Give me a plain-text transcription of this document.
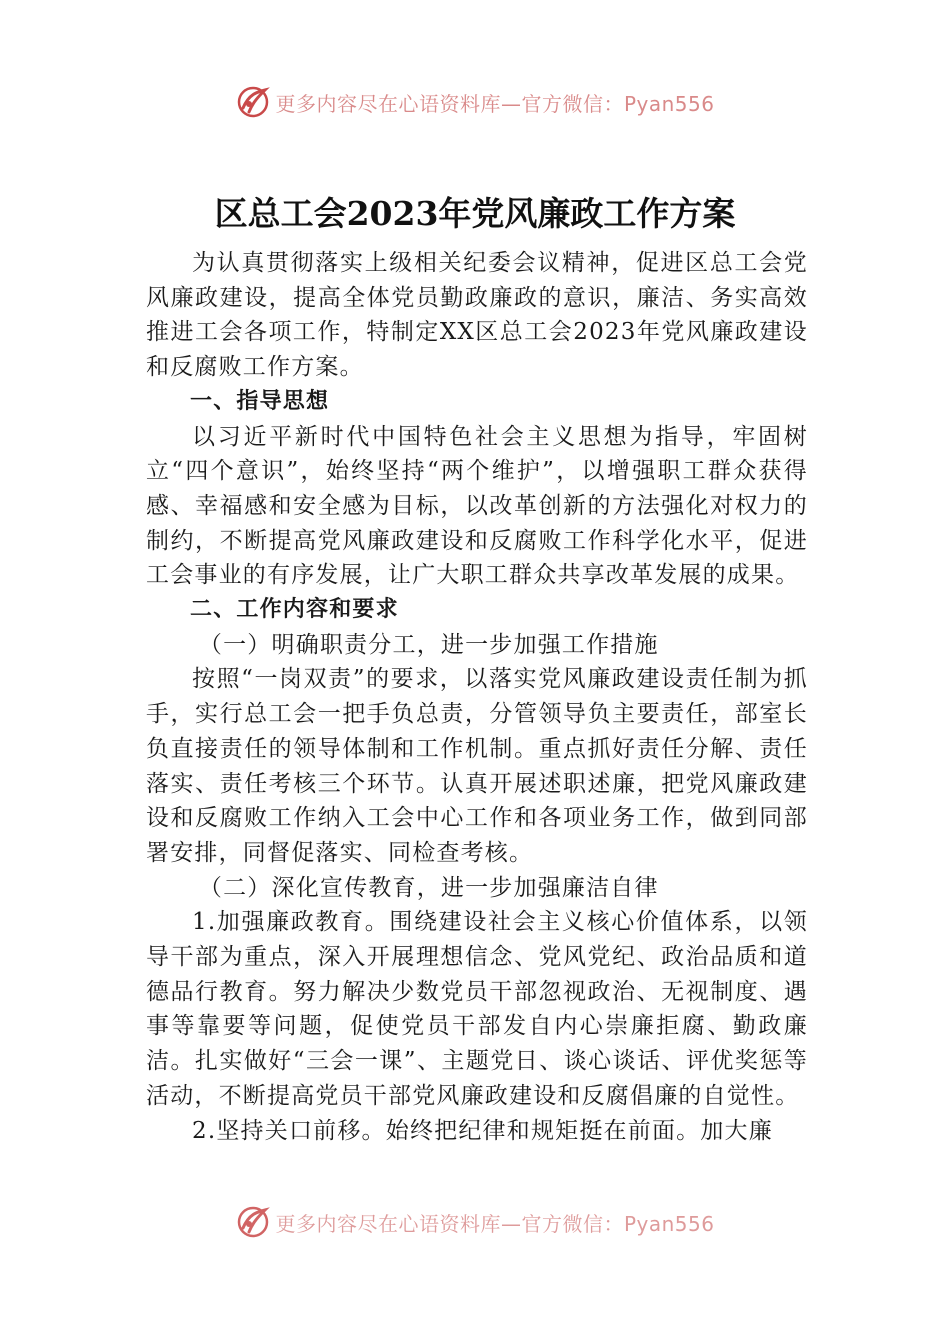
更多内容尽在心语资料库—官方微信：Pyan556
区总工会2023年党风廉政工作方案

为认真贯彻落实上级相关纪委会议精神，促进区总工会党风廉政建设，提高全体党员勤政廉政的意识，廉洁、务实高效推进工会各项工作，特制定XX区总工会2023年党风廉政建设和反腐败工作方案。

一、指导思想

以习近平新时代中国特色社会主义思想为指导，牢固树立“四个意识”，始终坚持“两个维护”，以增强职工群众获得感、幸福感和安全感为目标，以改革创新的方法强化对权力的制约，不断提高党风廉政建设和反腐败工作科学化水平，促进工会事业的有序发展，让广大职工群众共享改革发展的成果。

二、工作内容和要求
（一）明确职责分工，进一步加强工作措施

按照“一岗双责”的要求，以落实党风廉政建设责任制为抓手，实行总工会一把手负总责，分管领导负主要责任，部室长负直接责任的领导体制和工作机制。重点抓好责任分解、责任落实、责任考核三个环节。认真开展述职述廉，把党风廉政建设和反腐败工作纳入工会中心工作和各项业务工作，做到同部署安排，同督促落实、同检查考核。

（二）深化宣传教育，进一步加强廉洁自律

1.加强廉政教育。围绕建设社会主义核心价值体系，以领导干部为重点，深入开展理想信念、党风党纪、政治品质和道德品行教育。努力解决少数党员干部忽视政治、无视制度、遇事等靠要等问题，促使党员干部发自内心崇廉拒腐、勤政廉洁。扎实做好“三会一课”、主题党日、谈心谈话、评优奖惩等活动，不断提高党员干部党风廉政建设和反腐倡廉的自觉性。

2.坚持关口前移。始终把纪律和规矩挺在前面。加大廉

更多内容尽在心语资料库—官方微信：Pyan556
